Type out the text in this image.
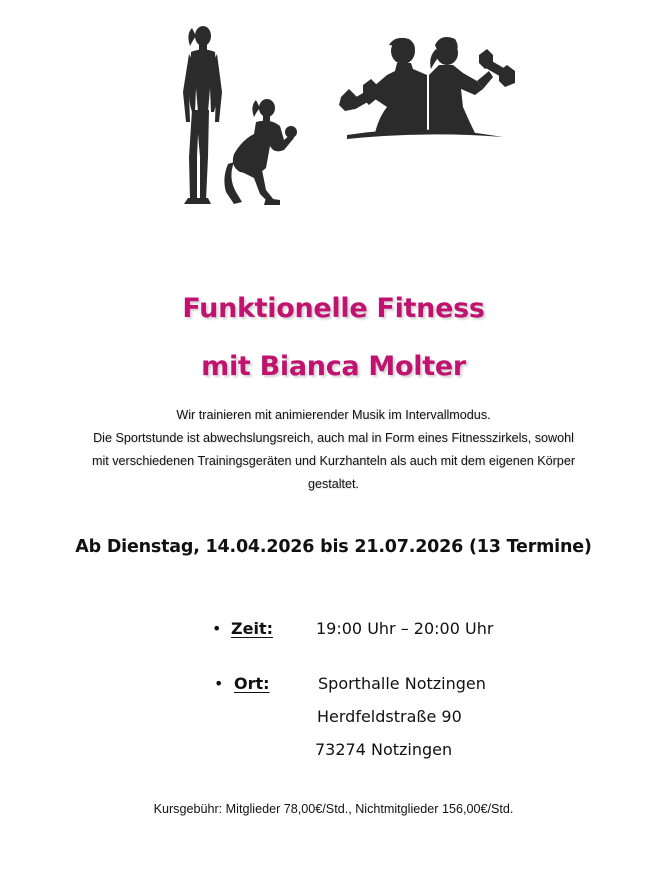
Funktionelle Fitness
mit Bianca Molter
Wir trainieren mit animierender Musik im Intervallmodus.
Die Sportstunde ist abwechslungsreich, auch mal in Form eines Fitnesszirkels, sowohl
mit verschiedenen Trainingsgeräten und Kurzhanteln als auch mit dem eigenen Körper
gestaltet.
Ab Dienstag, 14.04.2026 bis 21.07.2026 (13 Termine)
• Zeit:	19:00 Uhr – 20:00 Uhr
• Ort:	Sporthalle Notzingen
Herdfeldstraße 90
73274 Notzingen
Kursgebühr: Mitglieder 78,00€/Std., Nichtmitglieder 156,00€/Std.
